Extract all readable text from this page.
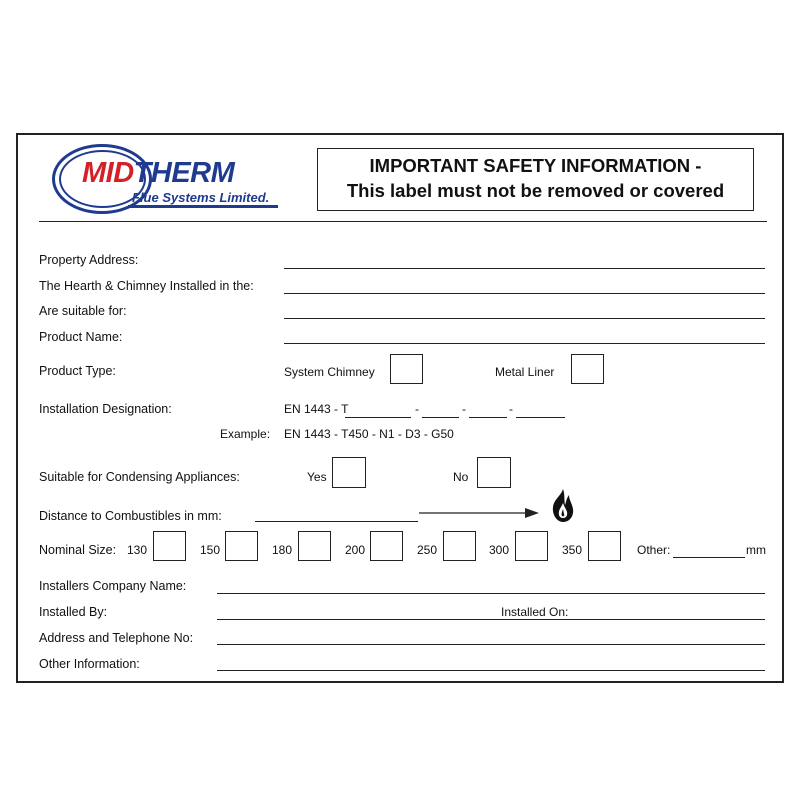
MIDTHERM
Flue Systems Limited.
IMPORTANT SAFETY INFORMATION -
This label must not be removed or covered
Property Address:
The Hearth & Chimney Installed in the:
Are suitable for:
Product Name:
Product Type:	System Chimney	Metal Liner
Installation Designation:	EN 1443 - T	-	-	-
Example: EN 1443 - T450 - N1 - D3 - G50
Suitable for Condensing Appliances:	Yes	No
Distance to Combustibles in mm:
Nominal Size: 130	150	180	200	250	300	350	Other:	mm
Installers Company Name:
Installed By:	Installed On:
Address and Telephone No:
Other Information:
